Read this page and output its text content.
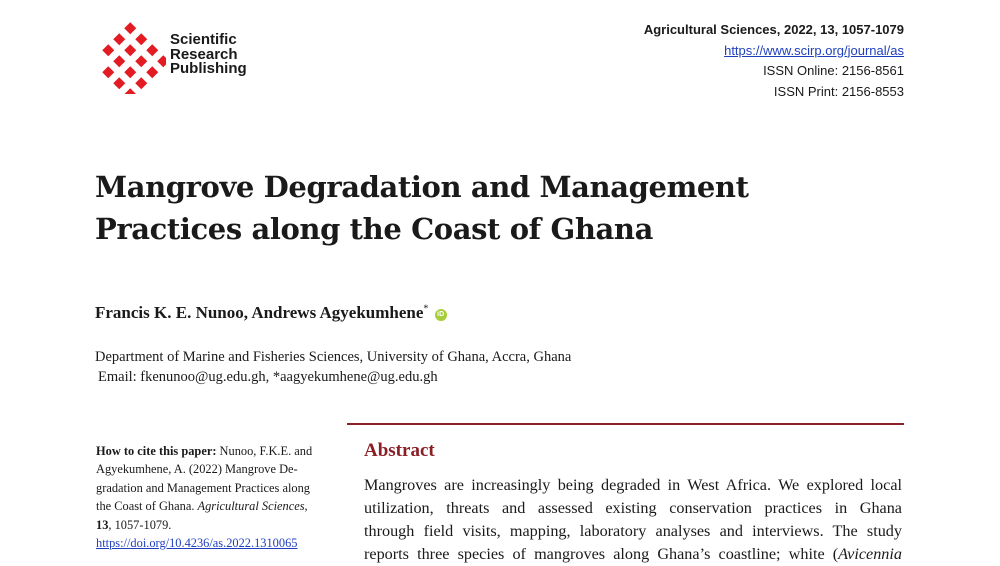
Scientific
Research
Publishing
Agricultural Sciences, 2022, 13, 1057-1079
https://www.scirp.org/journal/as
ISSN Online: 2156-8561
ISSN Print: 2156-8553
Mangrove Degradation and Management
Practices along the Coast of Ghana
Francis K. E. Nunoo, Andrews Agyekumhene* iD
Department of Marine and Fisheries Sciences, University of Ghana, Accra, Ghana
Email: fkenunoo@ug.edu.gh, *aagyekumhene@ug.edu.gh
How to cite this paper: Nunoo, F.K.E. and
Agyekumhene, A. (2022) Mangrove De-
gradation and Management Practices along
the Coast of Ghana. Agricultural Sciences,
13, 1057-1079.
https://doi.org/10.4236/as.2022.1310065
Abstract
Mangroves are increasingly being degraded in West Africa. We explored local
utilization, threats and assessed existing conservation practices in Ghana
through field visits, mapping, laboratory analyses and interviews. The study
reports three species of mangroves along Ghana’s coastline; white (Avicennia
